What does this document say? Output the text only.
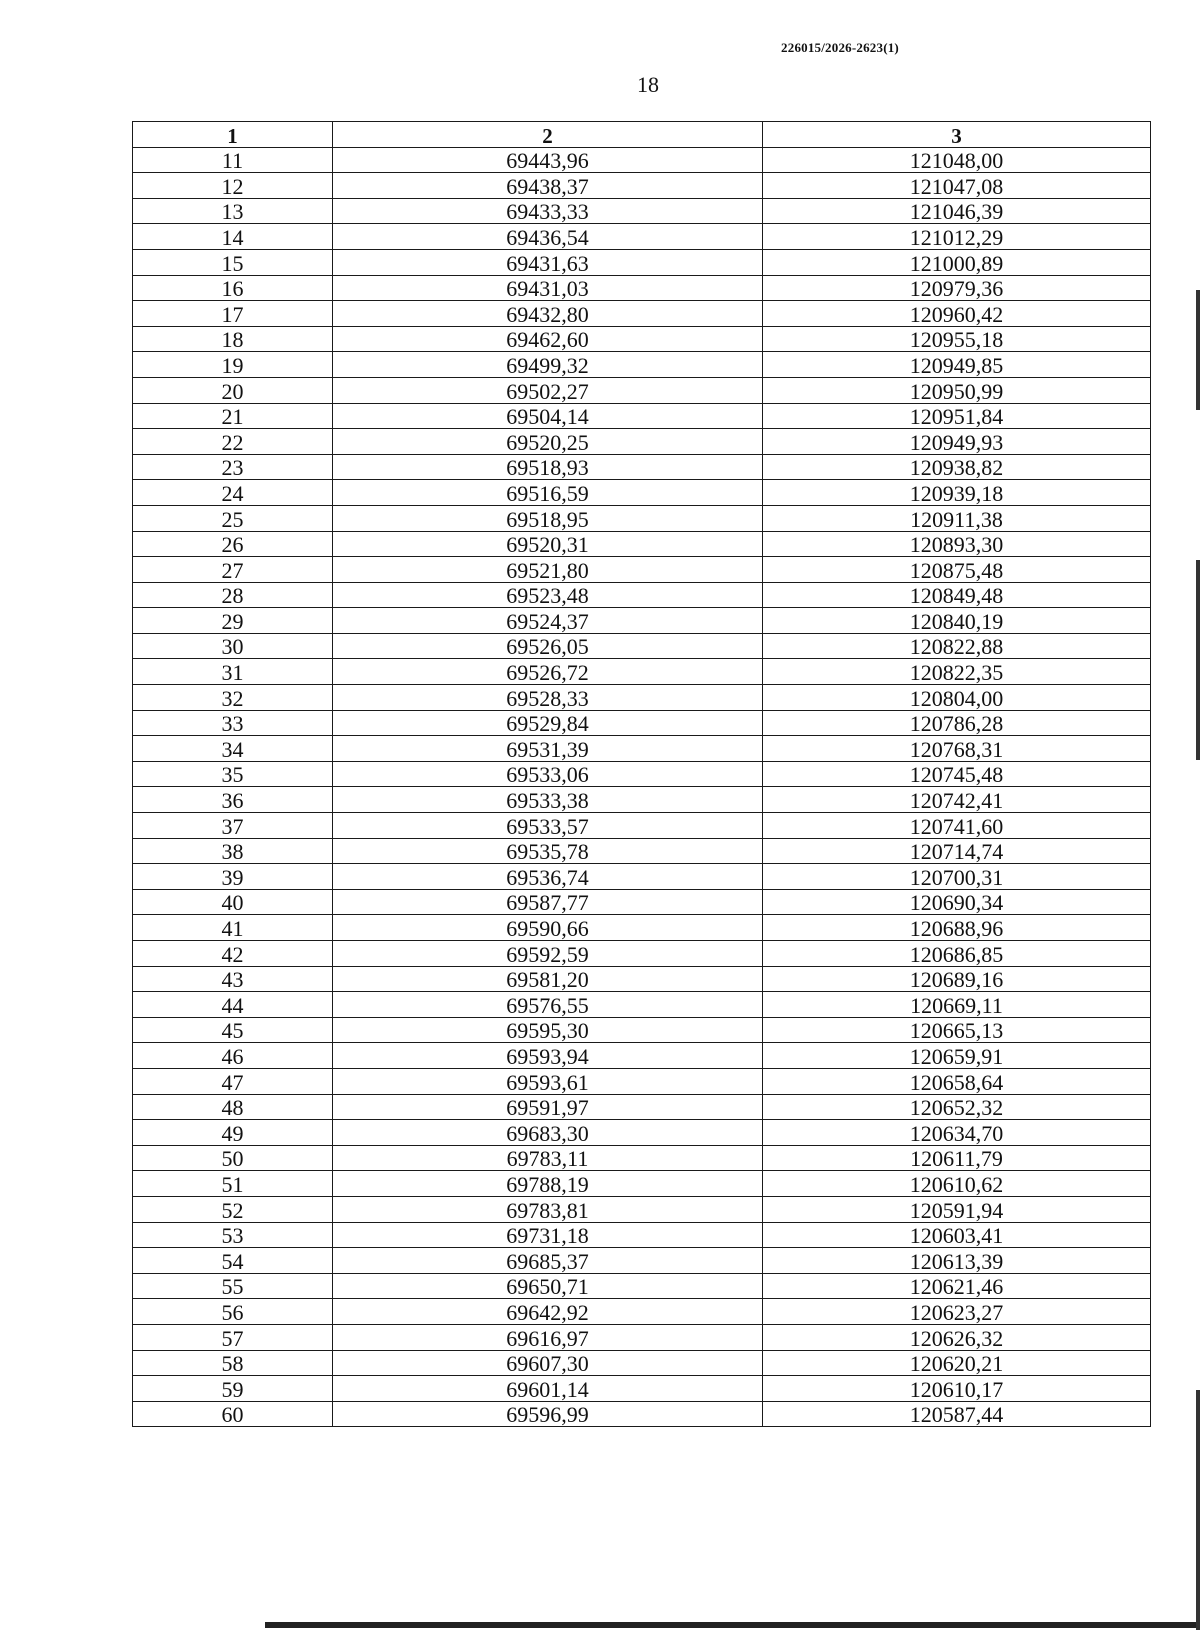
226015/2026-2623(1)
18
1	2	3
11	69443,96	121048,00
12	69438,37	121047,08
13	69433,33	121046,39
14	69436,54	121012,29
15	69431,63	121000,89
16	69431,03	120979,36
17	69432,80	120960,42
18	69462,60	120955,18
19	69499,32	120949,85
20	69502,27	120950,99
21	69504,14	120951,84
22	69520,25	120949,93
23	69518,93	120938,82
24	69516,59	120939,18
25	69518,95	120911,38
26	69520,31	120893,30
27	69521,80	120875,48
28	69523,48	120849,48
29	69524,37	120840,19
30	69526,05	120822,88
31	69526,72	120822,35
32	69528,33	120804,00
33	69529,84	120786,28
34	69531,39	120768,31
35	69533,06	120745,48
36	69533,38	120742,41
37	69533,57	120741,60
38	69535,78	120714,74
39	69536,74	120700,31
40	69587,77	120690,34
41	69590,66	120688,96
42	69592,59	120686,85
43	69581,20	120689,16
44	69576,55	120669,11
45	69595,30	120665,13
46	69593,94	120659,91
47	69593,61	120658,64
48	69591,97	120652,32
49	69683,30	120634,70
50	69783,11	120611,79
51	69788,19	120610,62
52	69783,81	120591,94
53	69731,18	120603,41
54	69685,37	120613,39
55	69650,71	120621,46
56	69642,92	120623,27
57	69616,97	120626,32
58	69607,30	120620,21
59	69601,14	120610,17
60	69596,99	120587,44
